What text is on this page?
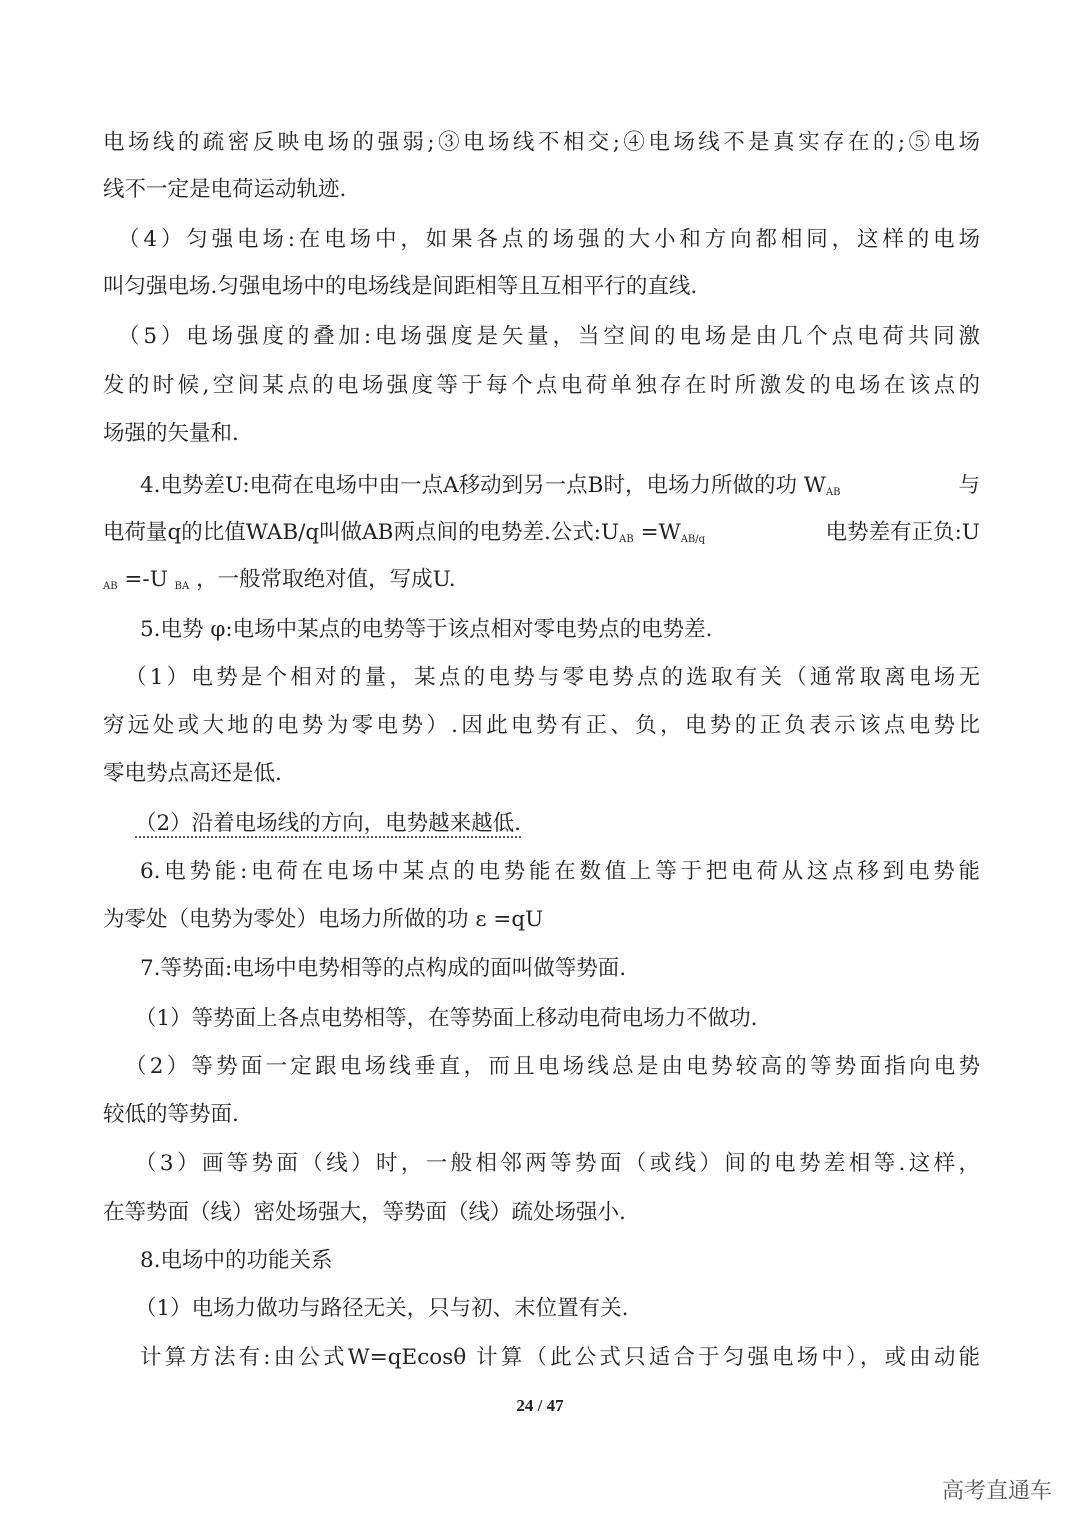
电场线的疏密反映电场的强弱;③电场线不相交;④电场线不是真实存在的;⑤电场
线不一定是电荷运动轨迹.
（4）匀强电场:在电场中，如果各点的场强的大小和方向都相同，这样的电场
叫匀强电场.匀强电场中的电场线是间距相等且互相平行的直线.
（5）电场强度的叠加:电场强度是矢量，当空间的电场是由几个点电荷共同激
发的时候,空间某点的电场强度等于每个点电荷单独存在时所激发的电场在该点的
场强的矢量和.
4.电势差U:电荷在电场中由一点A移动到另一点B时，电场力所做的功 $W_{AB}$	与
电荷量q的比值WAB/q叫做AB两点间的电势差.公式$:U_{AB} =W_{AB/q}$	电势差有正负:U
$_{AB}$ =-U $_{BA}$ ，一般常取绝对值，写成U.
5.电势 φ:电场中某点的电势等于该点相对零电势点的电势差.
（1）电势是个相对的量，某点的电势与零电势点的选取有关（通常取离电场无
穷远处或大地的电势为零电势）.因此电势有正、负，电势的正负表示该点电势比
零电势点高还是低.
（2）沿着电场线的方向，电势越来越低.
6.电势能:电荷在电场中某点的电势能在数值上等于把电荷从这点移到电势能
为零处（电势为零处）电场力所做的功 ε =qU
7.等势面:电场中电势相等的点构成的面叫做等势面.
（1）等势面上各点电势相等，在等势面上移动电荷电场力不做功.
（2）等势面一定跟电场线垂直，而且电场线总是由电势较高的等势面指向电势
较低的等势面.
（3）画等势面（线）时，一般相邻两等势面（或线）间的电势差相等.这样，
在等势面（线）密处场强大，等势面（线）疏处场强小.
8.电场中的功能关系
（1）电场力做功与路径无关，只与初、末位置有关.
计算方法有:由公式W=qEcosθ 计算（此公式只适合于匀强电场中），或由动能
24 / 47
高考直通车
